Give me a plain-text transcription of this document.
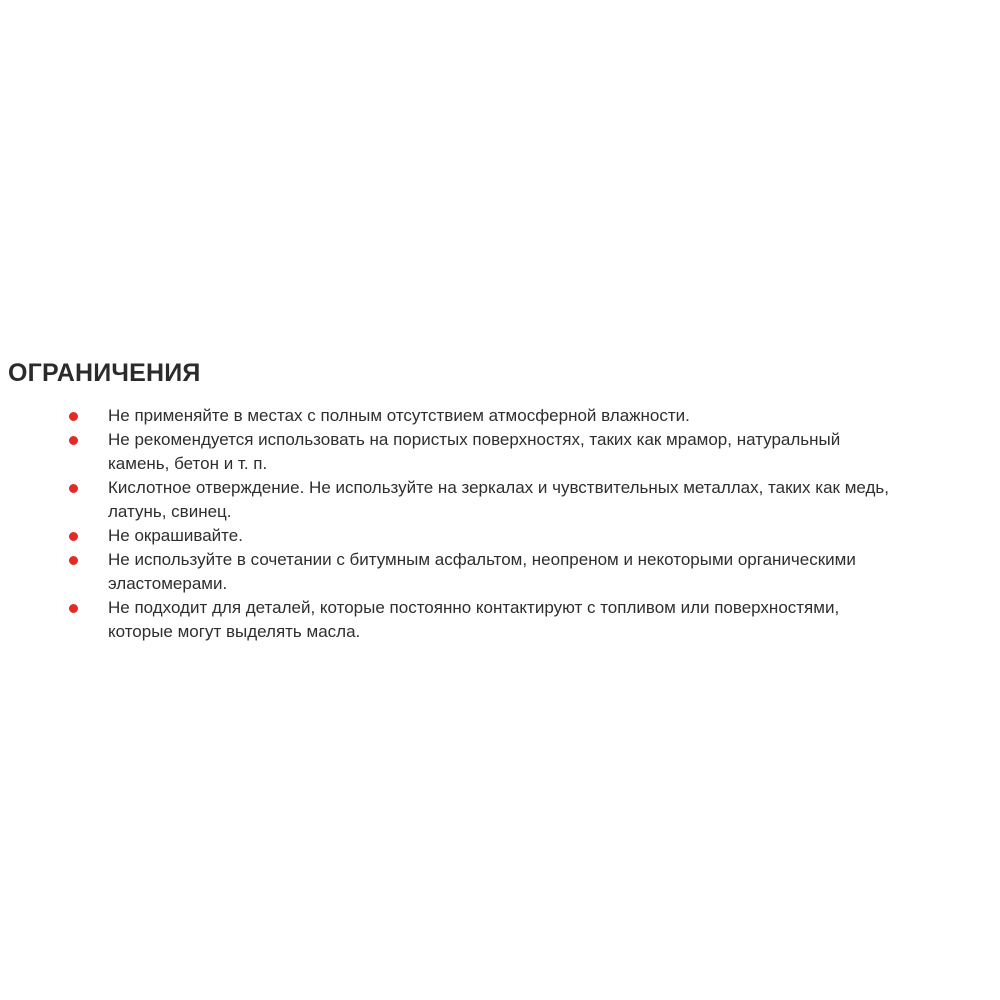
ОГРАНИЧЕНИЯ
Не применяйте в местах с полным отсутствием атмосферной влажности.
Не рекомендуется использовать на пористых поверхностях, таких как мрамор, натуральный
камень, бетон и т. п.
Кислотное отверждение. Не используйте на зеркалах и чувствительных металлах, таких как медь,
латунь, свинец.
Не окрашивайте.
Не используйте в сочетании с битумным асфальтом, неопреном и некоторыми органическими
эластомерами.
Не подходит для деталей, которые постоянно контактируют с топливом или поверхностями,
которые могут выделять масла.
